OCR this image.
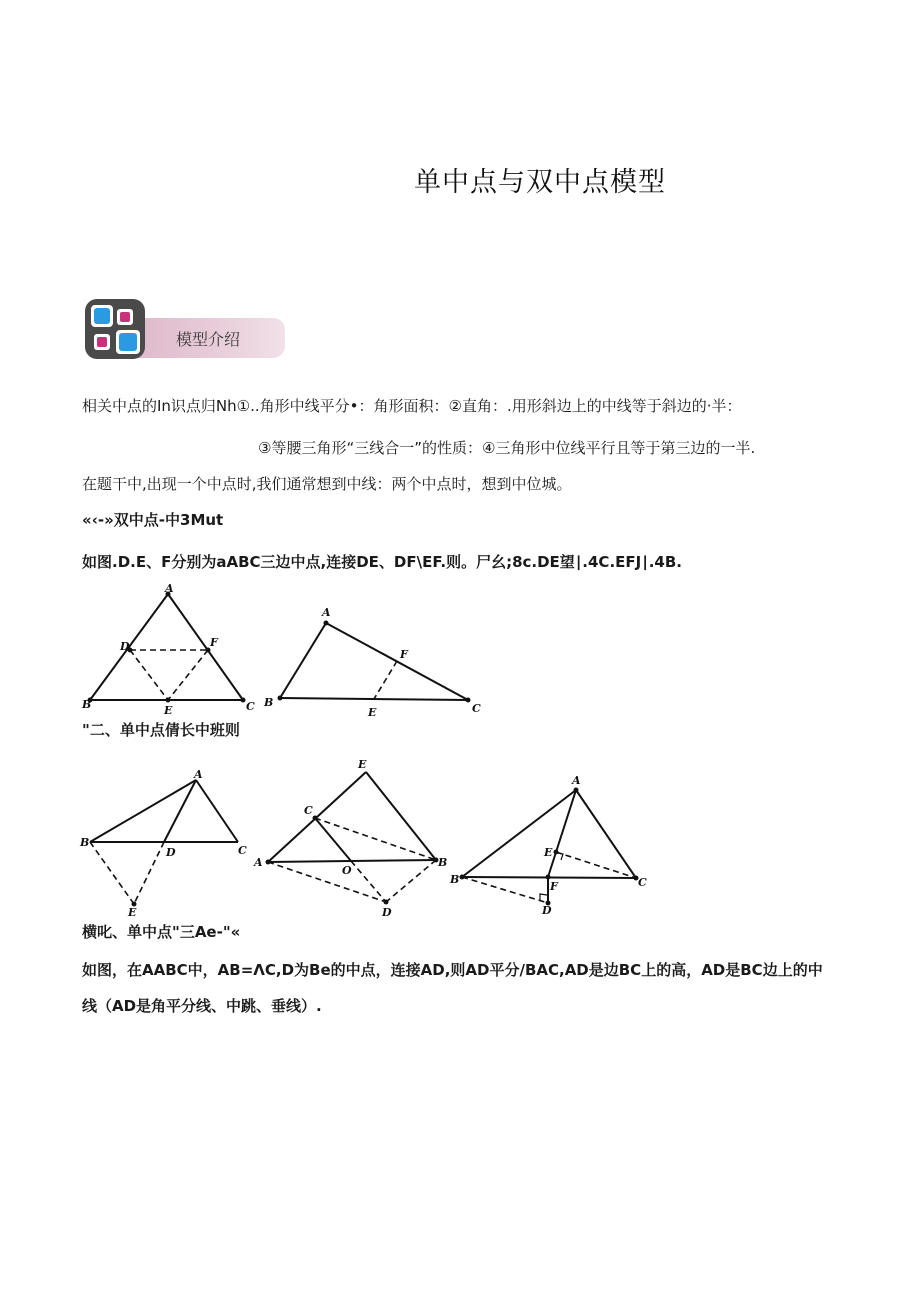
单中点与双中点模型
模型介绍
相关中点的In识点归Nh①..角形中线平分•：角形面积：②直角：.用形斜边上的中线等于斜边的·半：
③等腰三角形“三线合一”的性质：④三角形中位线平行且等于第三边的一半.
在题干中,出现一个中点时,我们通常想到中线：两个中点时，想到中位城。
«‹-»双中点-中3Mut
如图.D.E、F分别为aABC三边中点,连接DE、DF\EF.则。尸幺;8c.DE望∣.4C.EFJ∣.4B.
A
B	C
D
E
F
A
B	C
E
F
"二、单中点倩长中班则
A
B
C
D
E
E
C
A	B
O
D
A
E
B
F	C
D
横叱、单中点"三Ae-"«
如图，在AABC中，AB=ΛC,D为Be的中点，连接AD,则AD平分/BAC,AD是边BC上的高，AD是BC边上的中
线（AD是角平分线、中跳、垂线）.
